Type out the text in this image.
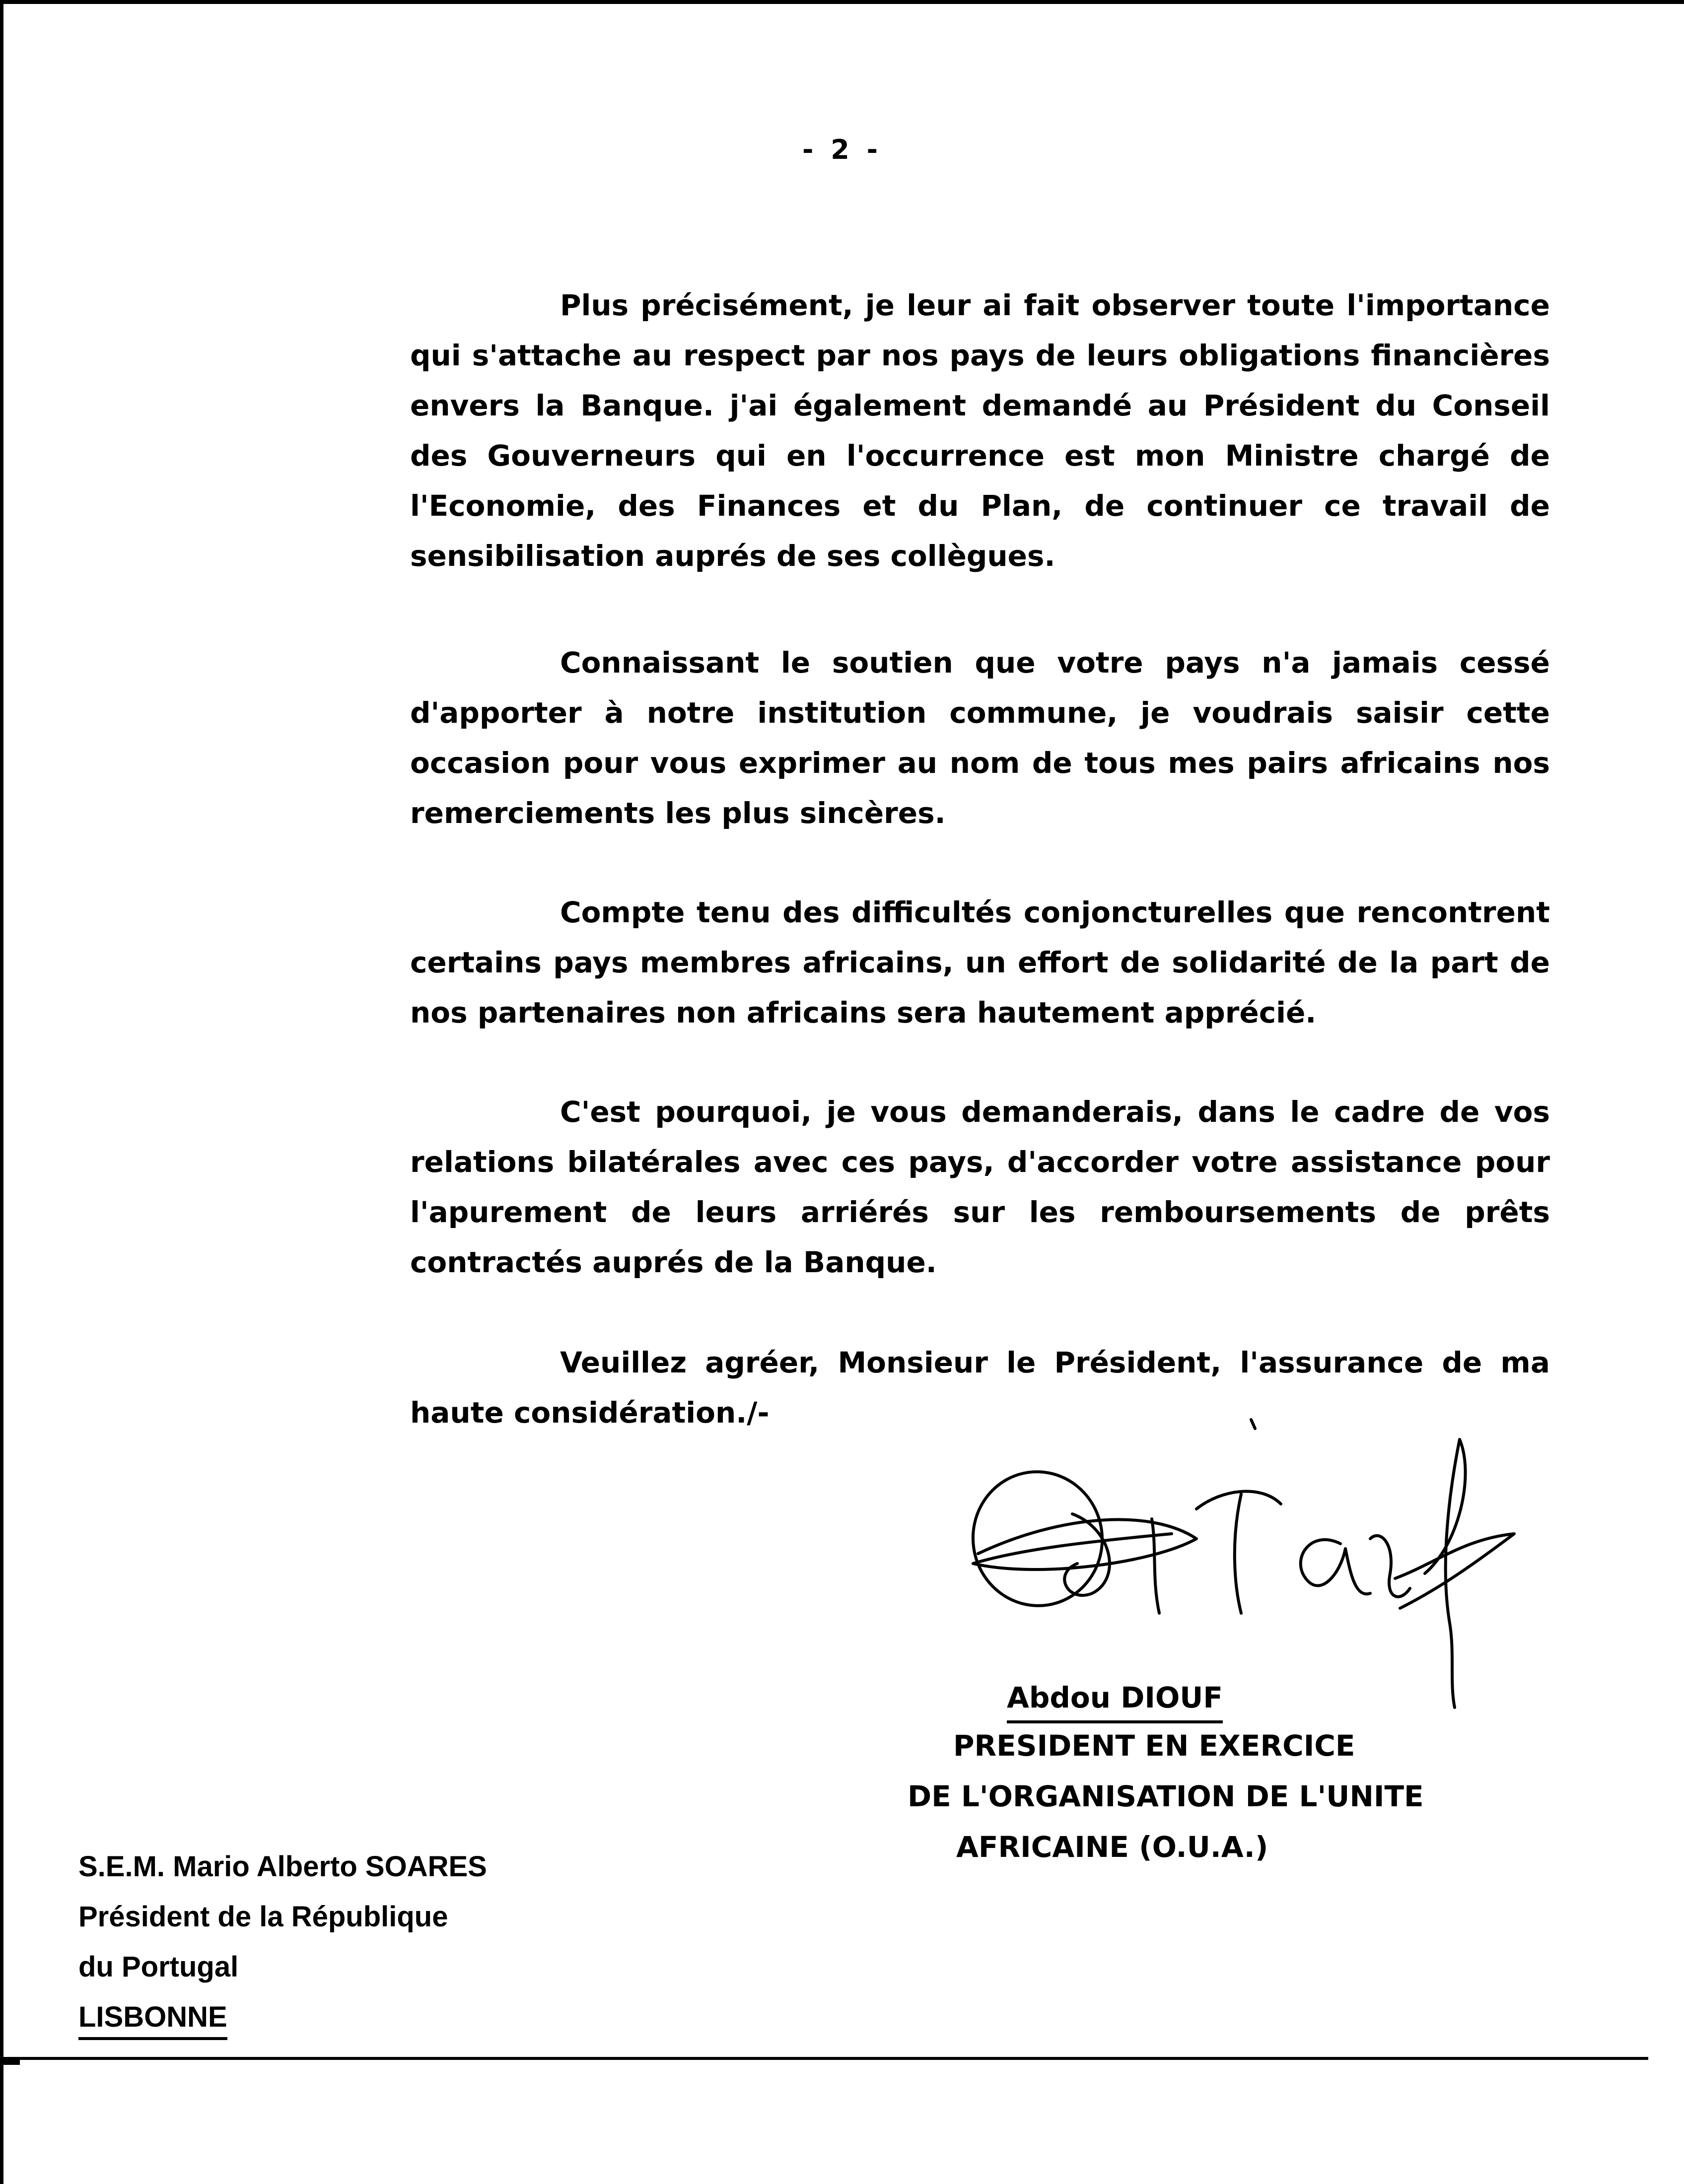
- 2 -

Plus précisément, je leur ai fait observer toute l'importance qui s'attache au respect par nos pays de leurs obligations financières envers la Banque. j'ai également demandé au Président du Conseil des Gouverneurs qui en l'occurrence est mon Ministre chargé de l'Economie, des Finances et du Plan, de continuer ce travail de sensibilisation auprés de ses collègues.

Connaissant le soutien que votre pays n'a jamais cessé d'apporter à notre institution commune, je voudrais saisir cette occasion pour vous exprimer au nom de tous mes pairs africains nos remerciements les plus sincères.

Compte tenu des difficultés conjoncturelles que rencontrent certains pays membres africains, un effort de solidarité de la part de nos partenaires non africains sera hautement apprécié.

C'est pourquoi, je vous demanderais, dans le cadre de vos relations bilatérales avec ces pays, d'accorder votre assistance pour l'apurement de leurs arriérés sur les remboursements de prêts contractés auprés de la Banque.

Veuillez agréer, Monsieur le Président, l'assurance de ma haute considération./-

Abdou DIOUF
PRESIDENT EN EXERCICE
DE L'ORGANISATION DE L'UNITE
AFRICAINE (O.U.A.)
S.E.M. Mario Alberto SOARES
Président de la République
du Portugal
LISBONNE
